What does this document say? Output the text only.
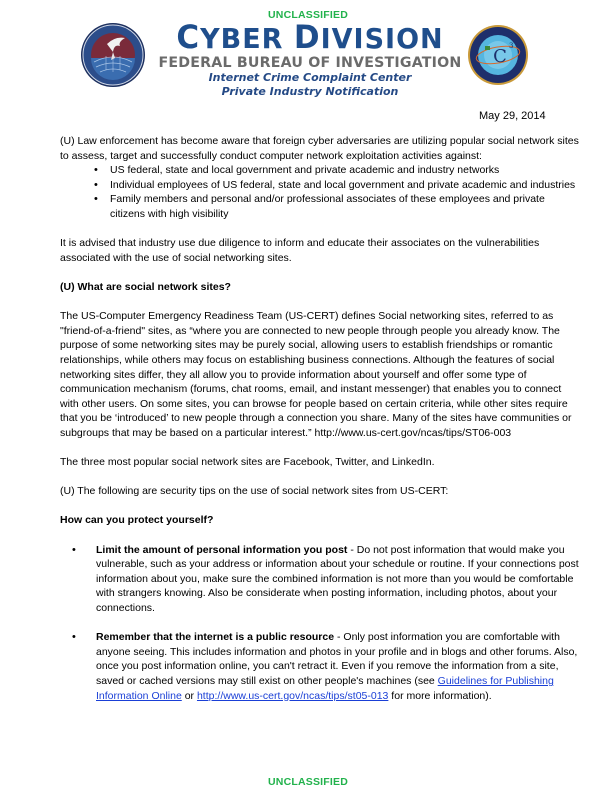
UNCLASSIFIED
CYBER DIVISION
FEDERAL BUREAU OF INVESTIGATION
Internet Crime Complaint Center
Private Industry Notification
C 3
May 29, 2014

(U) Law enforcement has become aware that foreign cyber adversaries are utilizing popular social network sites to assess, target and successfully conduct computer network exploitation activities against:

• US federal, state and local government and private academic and industry networks
• Individual employees of US federal, state and local government and private academic and industries
• Family members and personal and/or professional associates of these employees and private citizens with high visibility

It is advised that industry use due diligence to inform and educate their associates on the vulnerabilities associated with the use of social networking sites.

(U) What are social network sites?

The US-Computer Emergency Readiness Team (US-CERT) defines Social networking sites, referred to as "friend-of-a-friend" sites, as “where you are connected to new people through people you already know. The purpose of some networking sites may be purely social, allowing users to establish friendships or romantic relationships, while others may focus on establishing business connections. Although the features of social networking sites differ, they all allow you to provide information about yourself and offer some type of communication mechanism (forums, chat rooms, email, and instant messenger) that enables you to connect with other users. On some sites, you can browse for people based on certain criteria, while other sites require that you be ‘introduced’ to new people through a connection you share. Many of the sites have communities or subgroups that may be based on a particular interest.” http://www.us-cert.gov/ncas/tips/ST06-003

The three most popular social network sites are Facebook, Twitter, and LinkedIn.

(U) The following are security tips on the use of social network sites from US-CERT:

How can you protect yourself?

• Limit the amount of personal information you post - Do not post information that would make you vulnerable, such as your address or information about your schedule or routine. If your connections post information about you, make sure the combined information is not more than you would be comfortable with strangers knowing. Also be considerate when posting information, including photos, about your connections.
• Remember that the internet is a public resource - Only post information you are comfortable with anyone seeing. This includes information and photos in your profile and in blogs and other forums. Also, once you post information online, you can't retract it. Even if you remove the information from a site, saved or cached versions may still exist on other people's machines (see Guidelines for Publishing Information Online or http://www.us-cert.gov/ncas/tips/st05-013 for more information).
UNCLASSIFIED
